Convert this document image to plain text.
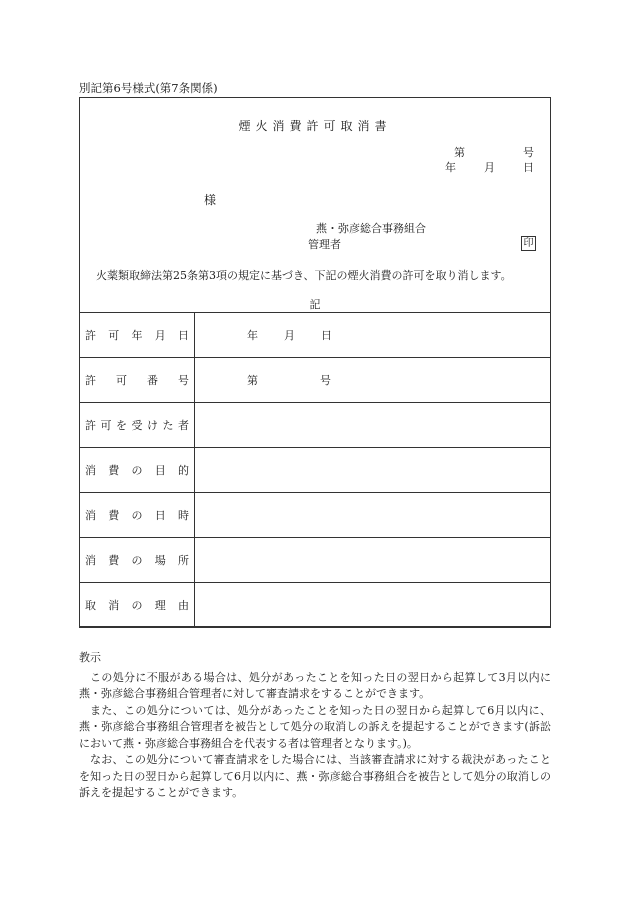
別記第6号様式(第7条関係)
煙火消費許可取消書
第	号
年	月	日
様
燕・弥彦総合事務組合
管理者	印
火薬類取締法第25条第3項の規定に基づき、下記の煙火消費の許可を取り消します。
記
許可年月日	年 月 日

許可番号	第 号

許可を受けた者	

消費の目的	

消費の日時	

消費の場所	

取消の理由	

教示

この処分に不服がある場合は、処分があったことを知った日の翌日から起算して3月以内に燕・弥彦総合事務組合管理者に対して審査請求をすることができます。

また、この処分については、処分があったことを知った日の翌日から起算して6月以内に、燕・弥彦総合事務組合管理者を被告として処分の取消しの訴えを提起することができます(訴訟において燕・弥彦総合事務組合を代表する者は管理者となります。)。

なお、この処分について審査請求をした場合には、当該審査請求に対する裁決があったことを知った日の翌日から起算して6月以内に、燕・弥彦総合事務組合を被告として処分の取消しの訴えを提起することができます。
